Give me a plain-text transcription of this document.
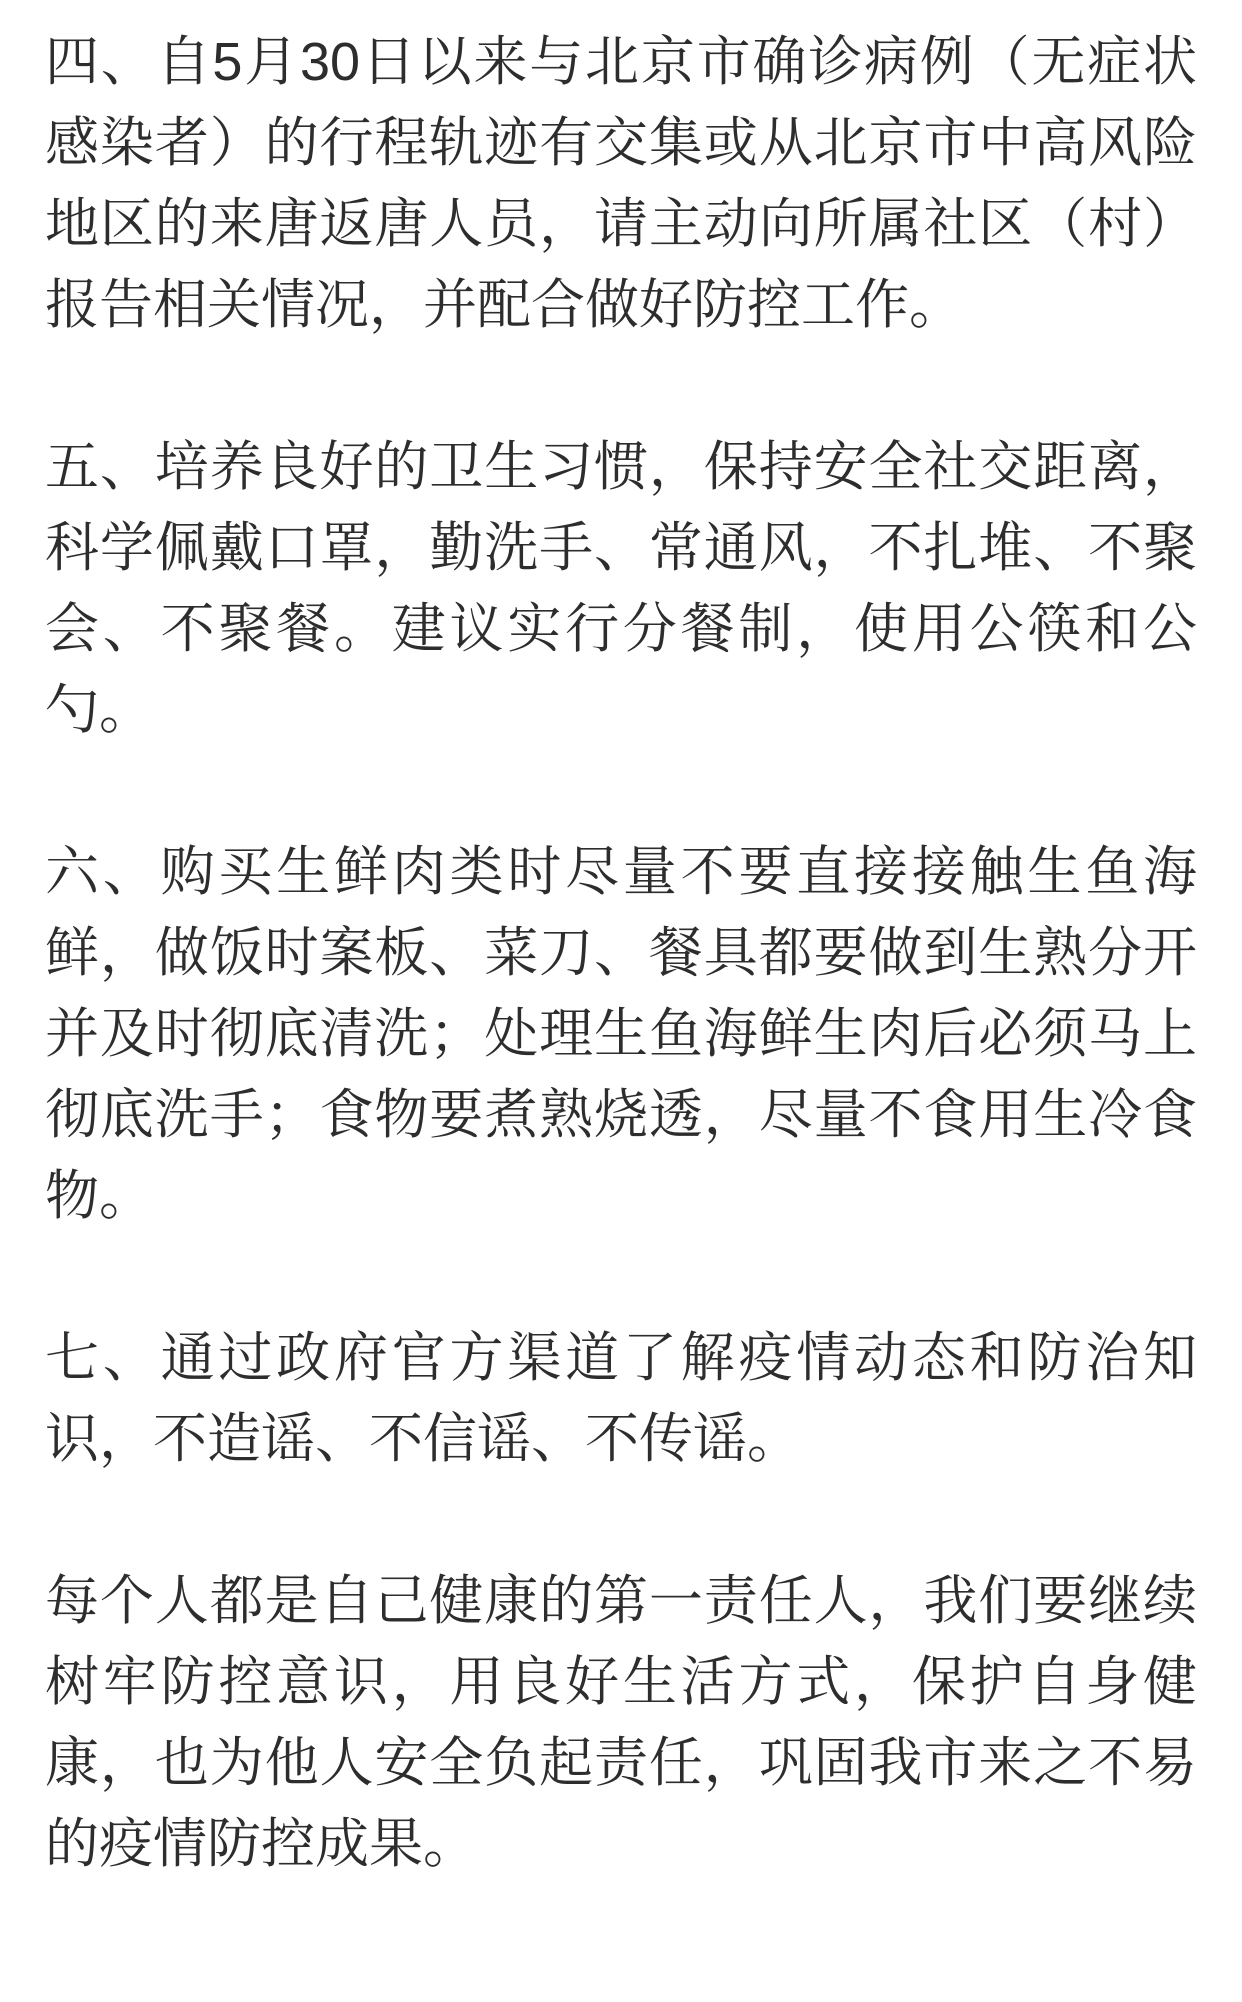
四、自5月30日以来与北京市确诊病例（无症状感染者）的行程轨迹有交集或从北京市中高风险地区的来唐返唐人员，请主动向所属社区（村）报告相关情况，并配合做好防控工作。

五、培养良好的卫生习惯，保持安全社交距离，科学佩戴口罩，勤洗手、常通风，不扎堆、不聚会、不聚餐。建议实行分餐制，使用公筷和公勺。

六、购买生鲜肉类时尽量不要直接接触生鱼海鲜，做饭时案板、菜刀、餐具都要做到生熟分开并及时彻底清洗；处理生鱼海鲜生肉后必须马上彻底洗手；食物要煮熟烧透，尽量不食用生冷食物。

七、通过政府官方渠道了解疫情动态和防治知识，不造谣、不信谣、不传谣。

每个人都是自己健康的第一责任人，我们要继续树牢防控意识，用良好生活方式，保护自身健康，也为他人安全负起责任，巩固我市来之不易的疫情防控成果。
